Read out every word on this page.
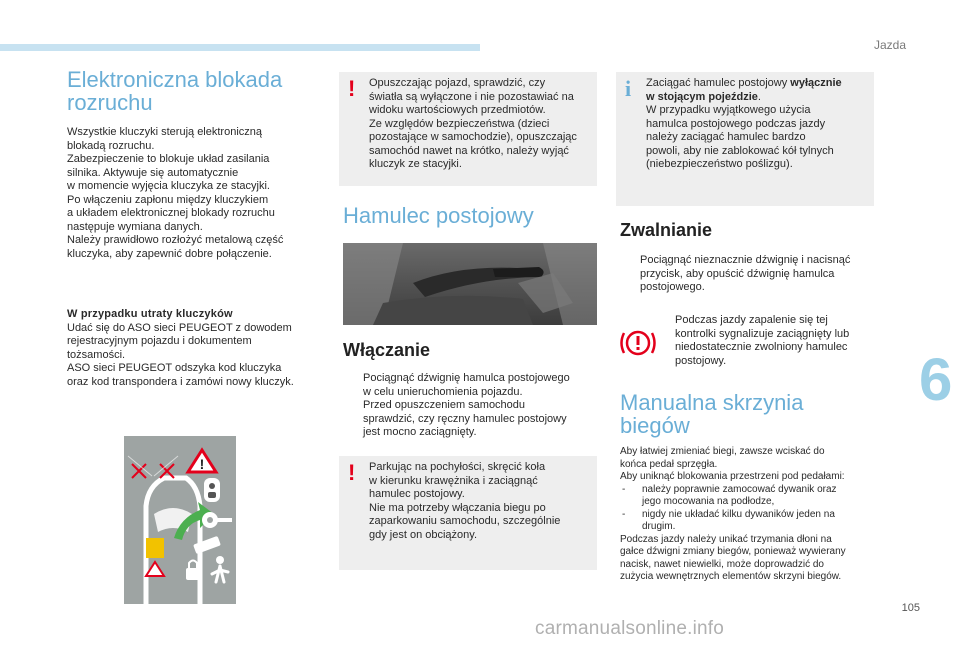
Jazda
6
105
carmanualsonline.info
Elektroniczna blokada rozruchu

Wszystkie kluczyki sterują elektroniczną
blokadą rozruchu.
Zabezpieczenie to blokuje układ zasilania
silnika. Aktywuje się automatycznie
w momencie wyjęcia kluczyka ze stacyjki.
Po włączeniu zapłonu między kluczykiem
a układem elektronicznej blokady rozruchu
następuje wymiana danych.
Należy prawidłowo rozłożyć metalową część
kluczyka, aby zapewnić dobre połączenie.

W przypadku utraty kluczyków

Udać się do ASO sieci PEUGEOT z dowodem
rejestracyjnym pojazdu i dokumentem
tożsamości.
ASO sieci PEUGEOT odszyka kod kluczyka
oraz kod transpondera i zamówi nowy kluczyk.

!
! Opuszczając pojazd, sprawdzić, czy
światła są wyłączone i nie pozostawiać na
widoku wartościowych przedmiotów.
Ze względów bezpieczeństwa (dzieci
pozostające w samochodzie), opuszczając
samochód nawet na krótko, należy wyjąć
kluczyk ze stacyjki.

Hamulec postojowy
Włączanie
Pociągnąć dźwignię hamulca postojowego
w celu unieruchomienia pojazdu.
Przed opuszczeniem samochodu
sprawdzić, czy ręczny hamulec postojowy
jest mocno zaciągnięty.
! Parkując na pochyłości, skręcić koła
w kierunku krawężnika i zaciągnąć
hamulec postojowy.
Nie ma potrzeby włączania biegu po
zaparkowaniu samochodu, szczególnie
gdy jest on obciążony.

i Zaciągać hamulec postojowy wyłącznie
w stojącym pojeździe.
W przypadku wyjątkowego użycia
hamulca postojowego podczas jazdy
należy zaciągać hamulec bardzo
powoli, aby nie zablokować kół tylnych
(niebezpieczeństwo poślizgu).

Zwalnianie
Pociągnąć nieznacznie dźwignię i nacisnąć
przycisk, aby opuścić dźwignię hamulca
postojowego.

Podczas jazdy zapalenie się tej
kontrolki sygnalizuje zaciągnięty lub
niedostatecznie zwolniony hamulec
postojowy.

Manualna skrzynia biegów

Aby łatwiej zmieniać biegi, zawsze wciskać do
końca pedał sprzęgła.
Aby uniknąć blokowania przestrzeni pod pedałami:

- należy poprawnie zamocować dywanik oraz
jego mocowania na podłodze,
- nigdy nie układać kilku dywaników jeden na
drugim.

Podczas jazdy należy unikać trzymania dłoni na
gałce dźwigni zmiany biegów, ponieważ wywierany
nacisk, nawet niewielki, może doprowadzić do
zużycia wewnętrznych elementów skrzyni biegów.
